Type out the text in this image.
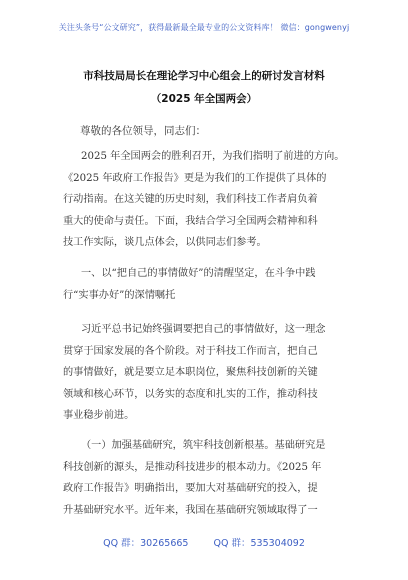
关注头条号“公文研究”，获得最新最全最专业的公文资料库！ 微信：gongwenyj
市科技局局长在理论学习中心组会上的研讨发言材料
（2025 年全国两会）
尊敬的各位领导，同志们：
2025 年全国两会的胜利召开，为我们指明了前进的方向。
《2025 年政府工作报告》更是为我们的工作提供了具体的
行动指南。在这关键的历史时刻，我们科技工作者肩负着
重大的使命与责任。下面，我结合学习全国两会精神和科
技工作实际，谈几点体会，以供同志们参考。
一、以“把自己的事情做好”的清醒坚定，在斗争中践
行“实事办好”的深情嘱托
习近平总书记始终强调要把自己的事情做好，这一理念
贯穿于国家发展的各个阶段。对于科技工作而言，把自己
的事情做好，就是要立足本职岗位，聚焦科技创新的关键
领域和核心环节，以务实的态度和扎实的工作，推动科技
事业稳步前进。
（一）加强基础研究，筑牢科技创新根基。基础研究是
科技创新的源头，是推动科技进步的根本动力。《2025 年
政府工作报告》明确指出，要加大对基础研究的投入，提
升基础研究水平。近年来，我国在基础研究领域取得了一
QQ 群：30265665	QQ 群：535304092
